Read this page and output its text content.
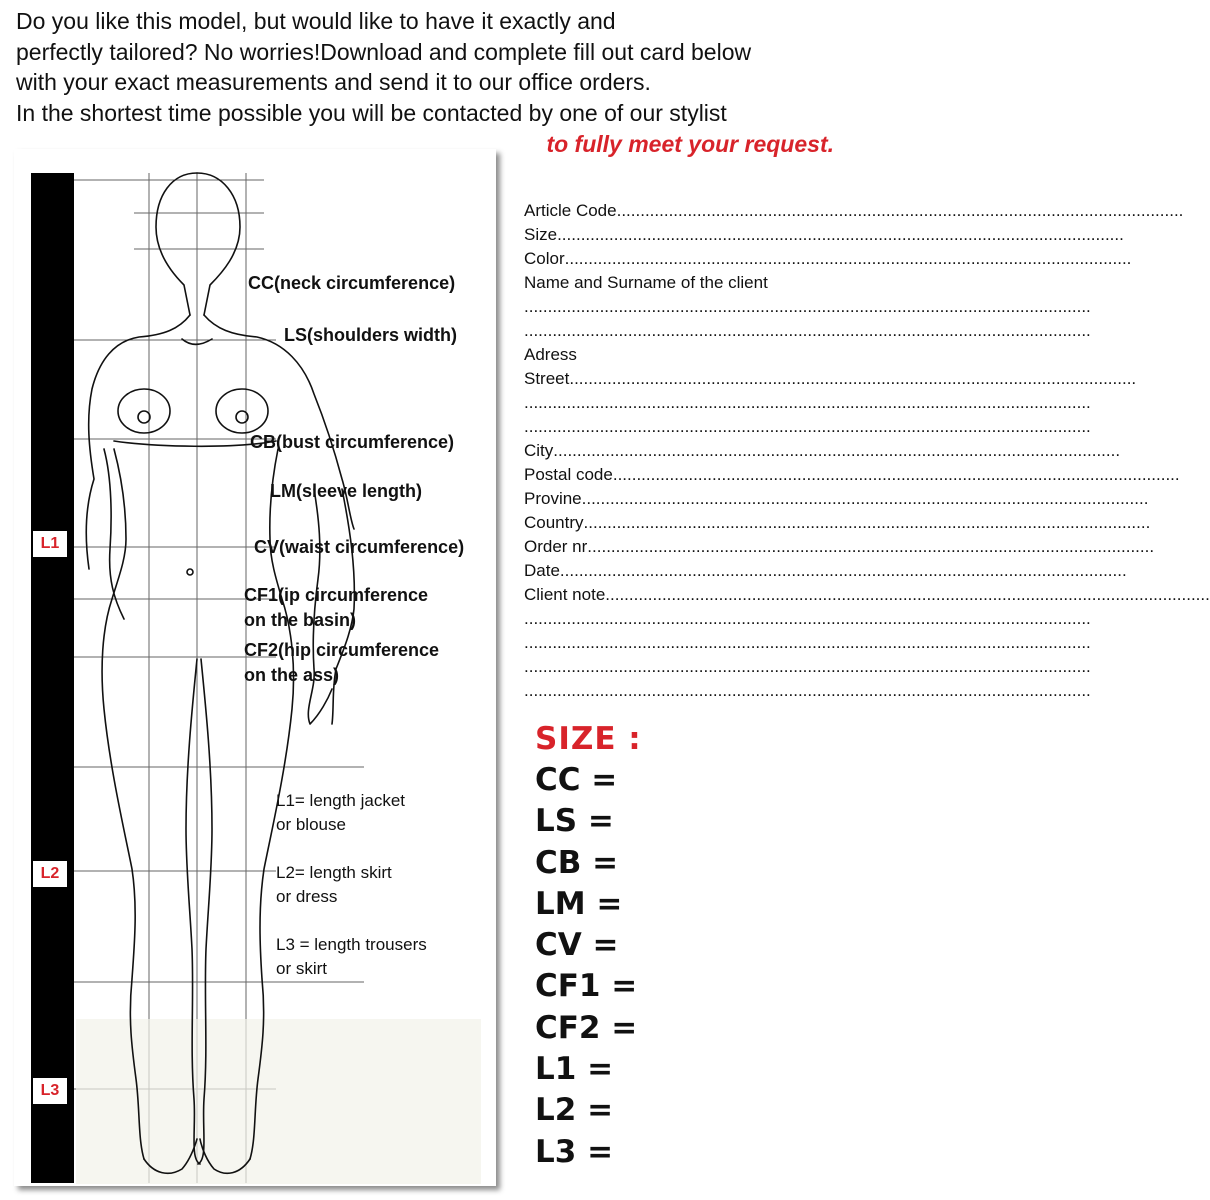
Do you like this model, but would like to have it exactly and
perfectly tailored? No worries!Download and complete fill out card below
with your exact measurements and send it to our office orders.
In the shortest time possible you will be contacted by one of our stylist
to fully meet your request.
L1
L2
L3
CC(neck circumference)
LS(shoulders width)
CB(bust circumference)
LM(sleeve length)
CV(waist circumference)
CF1(ip circumference
on the basin)
CF2(hip circumference
on the ass)
L1= length jacket
or blouse
L2= length skirt
or dress
L3 = length trousers
or skirt
Article Code ........................................................................................................................
Size ........................................................................................................................
Color ........................................................................................................................
Name and Surname of the client
........................................................................................................................
........................................................................................................................
Adress
Street ........................................................................................................................
........................................................................................................................
........................................................................................................................
City ........................................................................................................................
Postal code ........................................................................................................................
Provine ........................................................................................................................
Country ........................................................................................................................
Order nr ........................................................................................................................
Date ........................................................................................................................
Client note........ ........................................................................................................................
........................................................................................................................
........................................................................................................................
........................................................................................................................
........................................................................................................................
SIZE :
CC =
LS =
CB =
LM =
CV =
CF1 =
CF2 =
L1 =
L2 =
L3 =
